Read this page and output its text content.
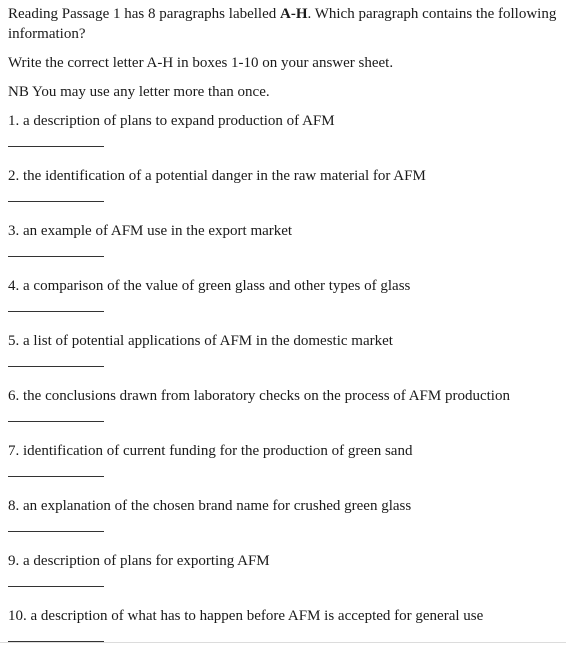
Reading Passage 1 has 8 paragraphs labelled A-H. Which paragraph contains the following information?

Write the correct letter A-H in boxes 1-10 on your answer sheet.

NB You may use any letter more than once.

1. a description of plans to expand production of AFM

2. the identification of a potential danger in the raw material for AFM

3. an example of AFM use in the export market

4. a comparison of the value of green glass and other types of glass

5. a list of potential applications of AFM in the domestic market

6. the conclusions drawn from laboratory checks on the process of AFM production

7. identification of current funding for the production of green sand

8. an explanation of the chosen brand name for crushed green glass

9. a description of plans for exporting AFM

10. a description of what has to happen before AFM is accepted for general use
